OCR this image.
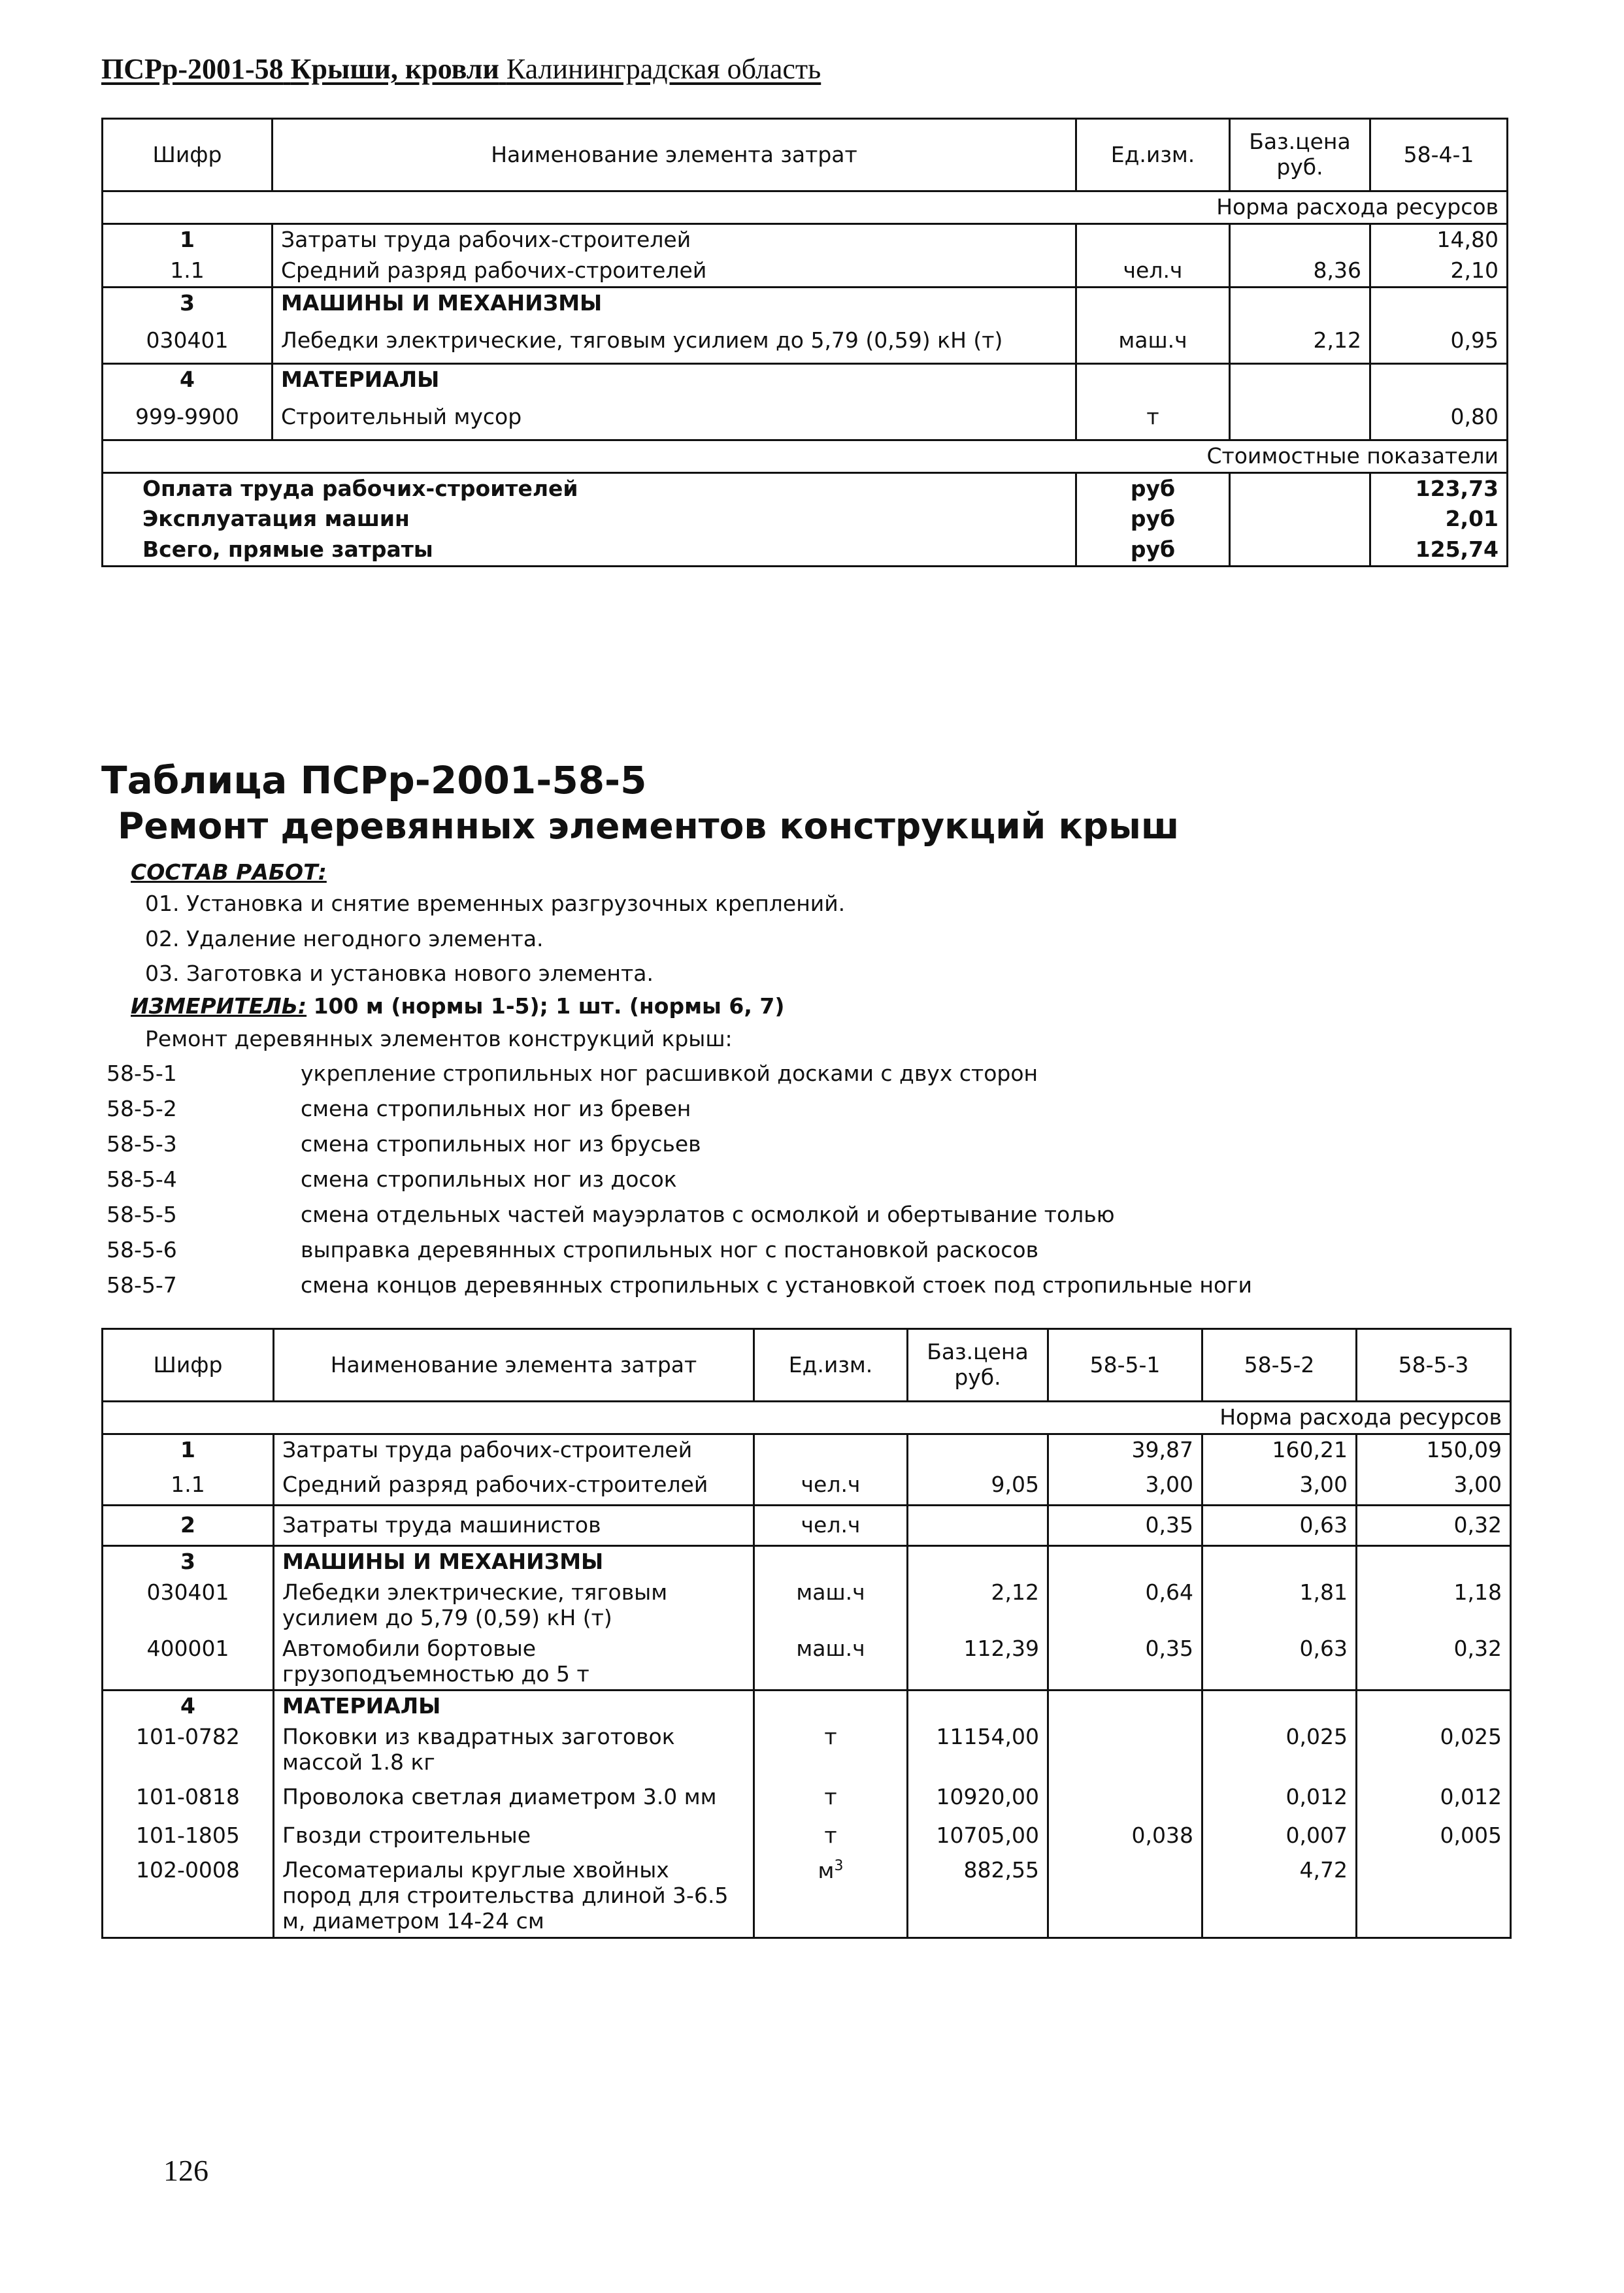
ПСРр-2001-58 Крыши, кровли Калининградская область
Шифр	Наименование элемента затрат	Ед.изм.	Баз.цена руб.	58-4-1
Норма расхода ресурсов				
1	Затраты труда рабочих-строителей			14,80
1.1	Средний разряд рабочих-строителей	чел.ч	8,36	2,10
3	МАШИНЫ И МЕХАНИЗМЫ			
030401	Лебедки электрические, тяговым усилием до 5,79 (0,59) кН (т)	маш.ч	2,12	0,95
4	МАТЕРИАЛЫ			
999-9900	Строительный мусор	т		0,80
Стоимостные показатели				
Оплата труда рабочих-строителей		руб		123,73
Эксплуатация машин		руб		2,01
Всего, прямые затраты		руб		125,74
Таблица ПСРр-2001-58-5
Ремонт деревянных элементов конструкций крыш
СОСТАВ РАБОТ:
01. Установка и снятие временных разгрузочных креплений.
02. Удаление негодного элемента.
03. Заготовка и установка нового элемента.
ИЗМЕРИТЕЛЬ: 100 м (нормы 1-5); 1 шт. (нормы 6, 7)
Ремонт деревянных элементов конструкций крыш:
58-5-1	укрепление стропильных ног расшивкой досками с двух сторон
58-5-2	смена стропильных ног из бревен
58-5-3	смена стропильных ног из брусьев
58-5-4	смена стропильных ног из досок
58-5-5	смена отдельных частей мауэрлатов с осмолкой и обертывание толью
58-5-6	выправка деревянных стропильных ног с постановкой раскосов
58-5-7	смена концов деревянных стропильных с установкой стоек под стропильные ноги
Шифр	Наименование элемента затрат	Ед.изм.	Баз.цена руб.	58-5-1	58-5-2	58-5-3
Норма расхода ресурсов						
1	Затраты труда рабочих-строителей			39,87	160,21	150,09
1.1	Средний разряд рабочих-строителей	чел.ч	9,05	3,00	3,00	3,00
2	Затраты труда машинистов	чел.ч		0,35	0,63	0,32
3	МАШИНЫ И МЕХАНИЗМЫ					
030401	Лебедки электрические, тяговым усилием до 5,79 (0,59) кН (т)	маш.ч	2,12	0,64	1,81	1,18
400001	Автомобили бортовые грузоподъемностью до 5 т	маш.ч	112,39	0,35	0,63	0,32
4	МАТЕРИАЛЫ					
101-0782	Поковки из квадратных заготовок массой 1.8 кг	т	11154,00		0,025	0,025
101-0818	Проволока светлая диаметром 3.0 мм	т	10920,00		0,012	0,012
101-1805	Гвозди строительные	т	10705,00	0,038	0,007	0,005
102-0008	Лесоматериалы круглые хвойных пород для строительства длиной 3-6.5 м, диаметром 14-24 см	$м^3$	882,55		4,72	
126
